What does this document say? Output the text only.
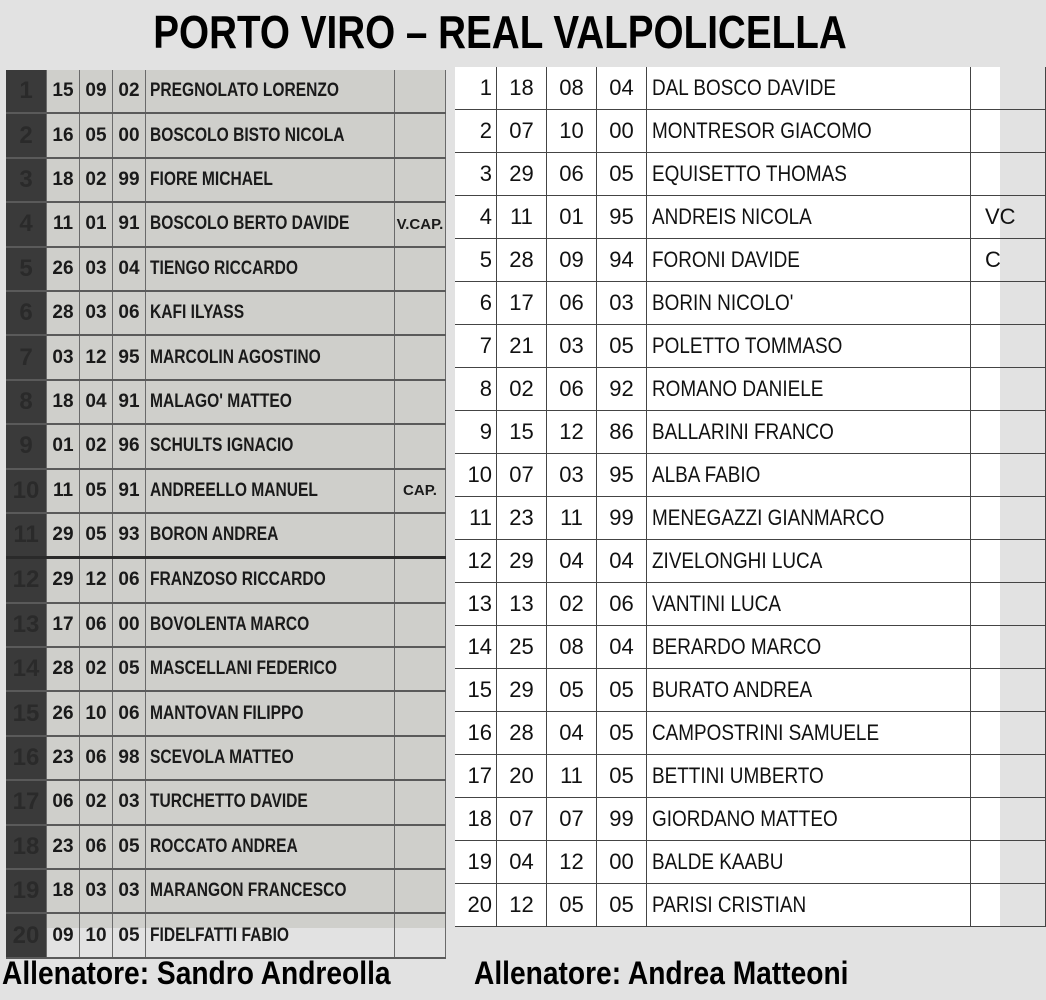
PORTO VIRO – REAL VALPOLICELLA
1	15	09	02	PREGNOLATO LORENZO	
2	16	05	00	BOSCOLO BISTO NICOLA	
3	18	02	99	FIORE MICHAEL	
4	11	01	91	BOSCOLO BERTO DAVIDE	V.CAP.
5	26	03	04	TIENGO RICCARDO	
6	28	03	06	KAFI ILYASS	
7	03	12	95	MARCOLIN AGOSTINO	
8	18	04	91	MALAGO' MATTEO	
9	01	02	96	SCHULTS IGNACIO	
10	11	05	91	ANDREELLO MANUEL	CAP.
11	29	05	93	BORON ANDREA	
12	29	12	06	FRANZOSO RICCARDO	
13	17	06	00	BOVOLENTA MARCO	
14	28	02	05	MASCELLANI FEDERICO	
15	26	10	06	MANTOVAN FILIPPO	
16	23	06	98	SCEVOLA MATTEO	
17	06	02	03	TURCHETTO DAVIDE	
18	23	06	05	ROCCATO ANDREA	
19	18	03	03	MARANGON FRANCESCO	
20	09	10	05	FIDELFATTI FABIO	
1	18	08	04	DAL BOSCO DAVIDE	
2	07	10	00	MONTRESOR GIACOMO	
3	29	06	05	EQUISETTO THOMAS	
4	11	01	95	ANDREIS NICOLA	VC
5	28	09	94	FORONI DAVIDE	C
6	17	06	03	BORIN NICOLO'	
7	21	03	05	POLETTO TOMMASO	
8	02	06	92	ROMANO DANIELE	
9	15	12	86	BALLARINI FRANCO	
10	07	03	95	ALBA FABIO	
11	23	11	99	MENEGAZZI GIANMARCO	
12	29	04	04	ZIVELONGHI LUCA	
13	13	02	06	VANTINI LUCA	
14	25	08	04	BERARDO MARCO	
15	29	05	05	BURATO ANDREA	
16	28	04	05	CAMPOSTRINI SAMUELE	
17	20	11	05	BETTINI UMBERTO	
18	07	07	99	GIORDANO MATTEO	
19	04	12	00	BALDE KAABU	
20	12	05	05	PARISI CRISTIAN	
Allenatore: Sandro Andreolla	Allenatore: Andrea Matteoni
